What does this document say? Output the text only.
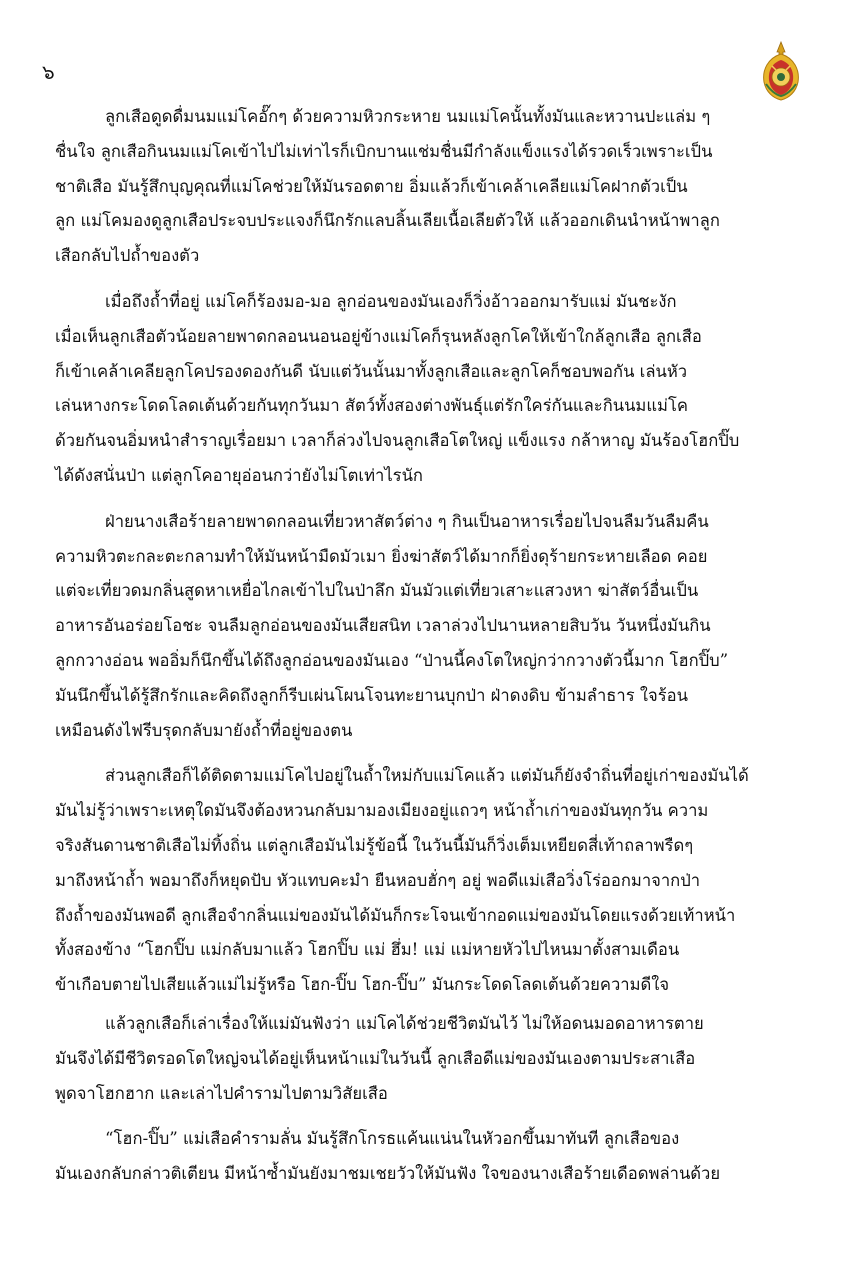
๖

ลูกเสือดูดดื่มนมแม่โคอั๊กๆ ด้วยความหิวกระหาย นมแม่โคนั้นทั้งมันและหวานปะแล่ม ๆ
ชื่นใจ ลูกเสือกินนมแม่โคเข้าไปไม่เท่าไรก็เบิกบานแช่มชื่นมีกำลังแข็งแรงได้รวดเร็วเพราะเป็น
ชาติเสือ มันรู้สึกบุญคุณที่แม่โคช่วยให้มันรอดตาย อิ่มแล้วก็เข้าเคล้าเคลียแม่โคฝากตัวเป็น
ลูก แม่โคมองดูลูกเสือประจบประแจงก็นึกรักแลบลิ้นเลียเนื้อเลียตัวให้ แล้วออกเดินนำหน้าพาลูก
เสือกลับไปถ้ำของตัว

เมื่อถึงถ้ำที่อยู่ แม่โคก็ร้องมอ-มอ ลูกอ่อนของมันเองก็วิ่งอ้าวออกมารับแม่ มันชะงัก
เมื่อเห็นลูกเสือตัวน้อยลายพาดกลอนนอนอยู่ข้างแม่โคก็รุนหลังลูกโคให้เข้าใกล้ลูกเสือ ลูกเสือ
ก็เข้าเคล้าเคลียลูกโคปรองดองกันดี นับแต่วันนั้นมาทั้งลูกเสือและลูกโคก็ชอบพอกัน เล่นหัว
เล่นหางกระโดดโลดเต้นด้วยกันทุกวันมา สัตว์ทั้งสองต่างพันธุ์แต่รักใคร่กันและกินนมแม่โค
ด้วยกันจนอิ่มหนำสำราญเรื่อยมา เวลาก็ล่วงไปจนลูกเสือโตใหญ่ แข็งแรง กล้าหาญ มันร้องโฮกปิ๊บ
ได้ดังสนั่นป่า แต่ลูกโคอายุอ่อนกว่ายังไม่โตเท่าไรนัก

ฝ่ายนางเสือร้ายลายพาดกลอนเที่ยวหาสัตว์ต่าง ๆ กินเป็นอาหารเรื่อยไปจนลืมวันลืมคืน
ความหิวตะกละตะกลามทำให้มันหน้ามืดมัวเมา ยิ่งฆ่าสัตว์ได้มากก็ยิ่งดุร้ายกระหายเลือด คอย
แต่จะเที่ยวดมกลิ่นสูดหาเหยื่อไกลเข้าไปในป่าลึก มันมัวแต่เที่ยวเสาะแสวงหา ฆ่าสัตว์อื่นเป็น
อาหารอันอร่อยโอชะ จนลืมลูกอ่อนของมันเสียสนิท เวลาล่วงไปนานหลายสิบวัน วันหนึ่งมันกิน
ลูกกวางอ่อน พออิ่มก็นึกขึ้นได้ถึงลูกอ่อนของมันเอง “ป่านนี้คงโตใหญ่กว่ากวางตัวนี้มาก โฮกปิ๊บ”
มันนึกขึ้นได้รู้สึกรักและคิดถึงลูกก็รีบเผ่นโผนโจนทะยานบุกป่า ฝ่าดงดิบ ข้ามลำธาร ใจร้อน
เหมือนดังไฟรีบรุดกลับมายังถ้ำที่อยู่ของตน

ส่วนลูกเสือก็ได้ติดตามแม่โคไปอยู่ในถ้ำใหม่กับแม่โคแล้ว แต่มันก็ยังจำถิ่นที่อยู่เก่าของมันได้
มันไม่รู้ว่าเพราะเหตุใดมันจึงต้องหวนกลับมามองเมียงอยู่แถวๆ หน้าถ้ำเก่าของมันทุกวัน ความ
จริงสันดานชาติเสือไม่ทิ้งถิ่น แต่ลูกเสือมันไม่รู้ข้อนี้ ในวันนี้มันก็วิ่งเต็มเหยียดสี่เท้าถลาพรืดๆ
มาถึงหน้าถ้ำ พอมาถึงก็หยุดปับ หัวแทบคะมำ ยืนหอบฮั่กๆ อยู่ พอดีแม่เสือวิ่งโร่ออกมาจากป่า
ถึงถ้ำของมันพอดี ลูกเสือจำกลิ่นแม่ของมันได้มันก็กระโจนเข้ากอดแม่ของมันโดยแรงด้วยเท้าหน้า
ทั้งสองข้าง “โฮกปิ๊บ แม่กลับมาแล้ว โฮกปิ๊บ แม่ ฮึ่ม! แม่ แม่หายหัวไปไหนมาตั้งสามเดือน
ข้าเกือบตายไปเสียแล้วแม่ไม่รู้หรือ โฮก-ปิ๊บ โฮก-ปิ๊บ” มันกระโดดโลดเต้นด้วยความดีใจ

แล้วลูกเสือก็เล่าเรื่องให้แม่มันฟังว่า แม่โคได้ช่วยชีวิตมันไว้ ไม่ให้อดนมอดอาหารตาย
มันจึงได้มีชีวิตรอดโตใหญ่จนได้อยู่เห็นหน้าแม่ในวันนี้ ลูกเสือดีแม่ของมันเองตามประสาเสือ
พูดจาโฮกฮาก และเล่าไปคำรามไปตามวิสัยเสือ

“โฮก-ปิ๊บ” แม่เสือคำรามลั่น มันรู้สึกโกรธแค้นแน่นในหัวอกขึ้นมาทันที ลูกเสือของ
มันเองกลับกล่าวติเตียน มีหน้าซ้ำมันยังมาชมเชยวัวให้มันฟัง ใจของนางเสือร้ายเดือดพล่านด้วย
